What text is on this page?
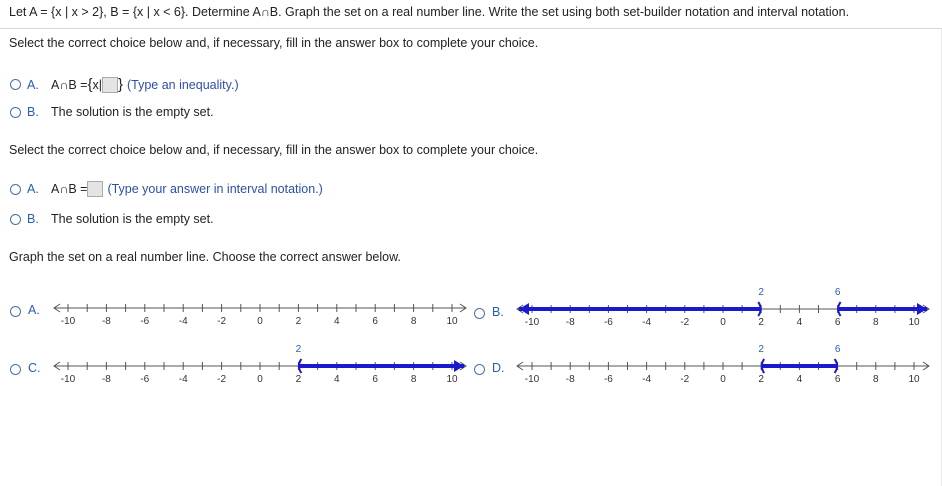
Let A = {x | x > 2}, B = {x | x < 6}. Determine A∩B. Graph the set on a real number line. Write the set using both set-builder notation and interval notation.
Select the correct choice below and, if necessary, fill in the answer box to complete your choice.
A. A∩B = { x| } (Type an inequality.)
B. The solution is the empty set.
Select the correct choice below and, if necessary, fill in the answer box to complete your choice.
A. A∩B = (Type your answer in interval notation.)
B. The solution is the empty set.
Graph the set on a real number line. Choose the correct answer below.
A.	B.
C.	D.
-10	-8	-6	-4	-2	0	2	4	6	8	10	-10	-8	-6	-4	-2	0	2	4	6	8	10
2	6
-10	-8	-6	-4	-2	0	2	4	6	8	10
2
-10	-8	-6	-4	-2	0	2	4	6	8	10
2	6
